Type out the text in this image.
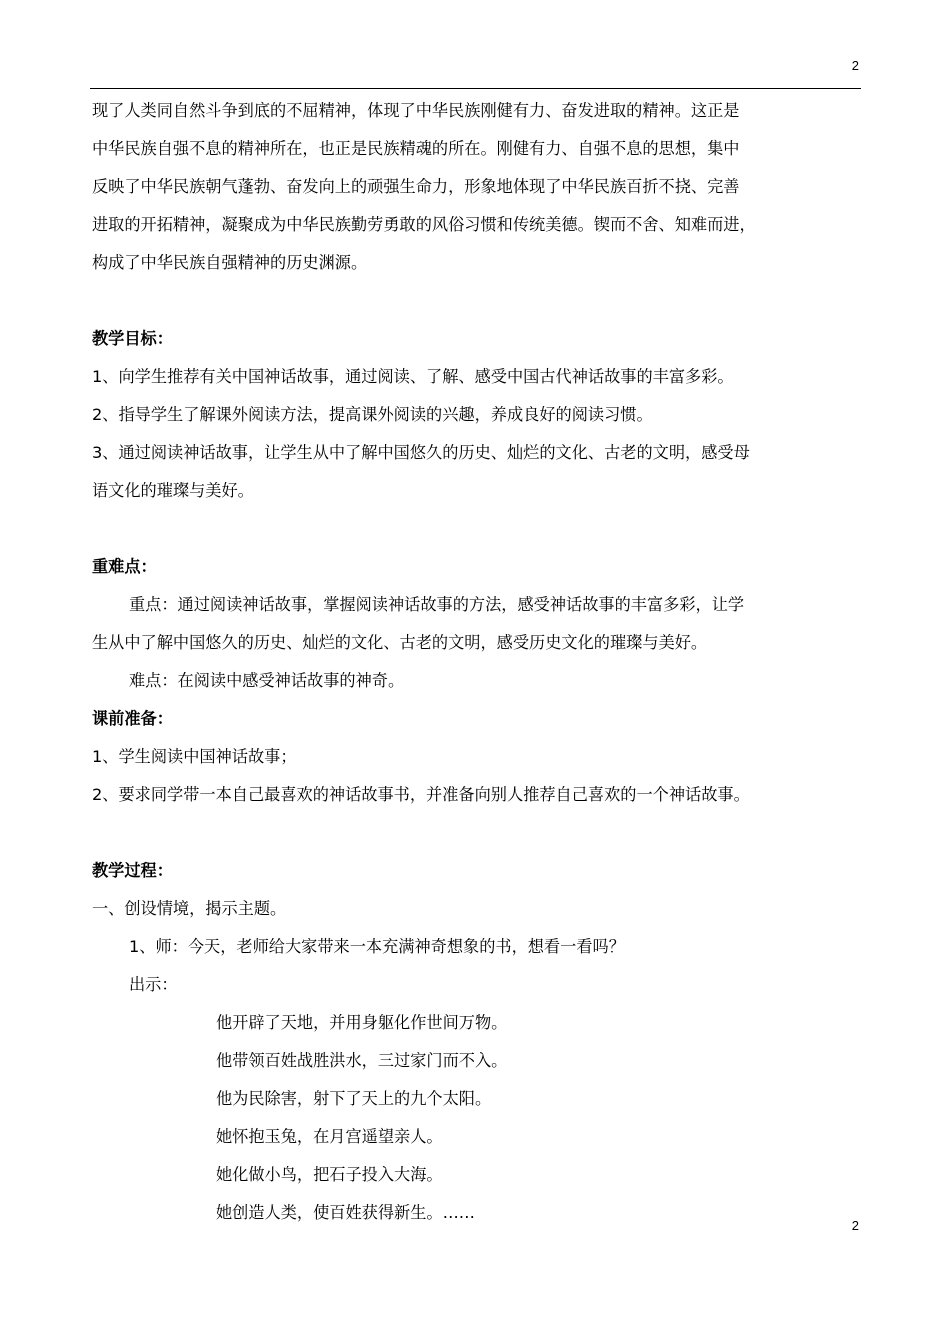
2
现了人类同自然斗争到底的不屈精神，体现了中华民族刚健有力、奋发进取的精神。这正是
中华民族自强不息的精神所在，也正是民族精魂的所在。刚健有力、自强不息的思想，集中
反映了中华民族朝气蓬勃、奋发向上的顽强生命力，形象地体现了中华民族百折不挠、完善
进取的开拓精神，凝聚成为中华民族勤劳勇敢的风俗习惯和传统美德。锲而不舍、知难而进，
构成了中华民族自强精神的历史渊源。
教学目标：
1、向学生推荐有关中国神话故事，通过阅读、了解、感受中国古代神话故事的丰富多彩。
2、指导学生了解课外阅读方法，提高课外阅读的兴趣，养成良好的阅读习惯。
3、通过阅读神话故事，让学生从中了解中国悠久的历史、灿烂的文化、古老的文明，感受母
语文化的璀璨与美好。
重难点：
重点：通过阅读神话故事，掌握阅读神话故事的方法，感受神话故事的丰富多彩，让学
生从中了解中国悠久的历史、灿烂的文化、古老的文明，感受历史文化的璀璨与美好。
难点：在阅读中感受神话故事的神奇。
课前准备：
1、学生阅读中国神话故事；
2、要求同学带一本自己最喜欢的神话故事书，并准备向别人推荐自己喜欢的一个神话故事。
教学过程：
一、创设情境，揭示主题。
1、师：今天，老师给大家带来一本充满神奇想象的书，想看一看吗？
出示：
他开辟了天地，并用身躯化作世间万物。
他带领百姓战胜洪水，三过家门而不入。
他为民除害，射下了天上的九个太阳。
她怀抱玉兔，在月宫遥望亲人。
她化做小鸟，把石子投入大海。
她创造人类，使百姓获得新生。……
2
